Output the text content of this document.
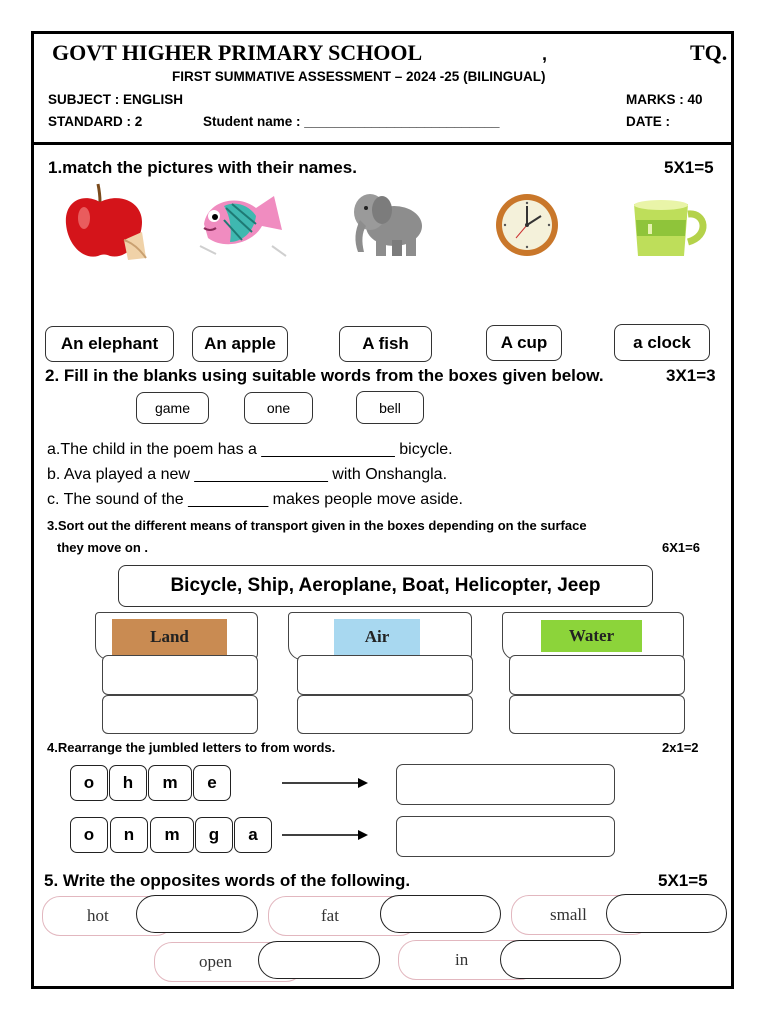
GOVT HIGHER PRIMARY SCHOOL	,	TQ.
FIRST SUMMATIVE ASSESSMENT – 2024 -25 (BILINGUAL)
SUBJECT : ENGLISH	MARKS : 40
STANDARD : 2	Student name : __________________________	DATE :
1.match the pictures with their names.	5X1=5
An elephant	An apple	A fish	A cup	a clock
2. Fill in the blanks using suitable words from the boxes given below.	3X1=3
game	one	bell
a.The child in the poem has a _______________ bicycle.
b. Ava played a new _______________ with Onshangla.
c. The sound of the _________ makes people move aside.
3.Sort out the different means of transport given in the boxes depending on the surface
they move on .	6X1=6
Bicycle, Ship, Aeroplane, Boat, Helicopter, Jeep
Land	Air	Water
4.Rearrange the jumbled letters to from words.	2x1=2
o	h	m	e
o	n	m	g	a
5. Write the opposites words of the following.	5X1=5
hot	fat	small
open	in
